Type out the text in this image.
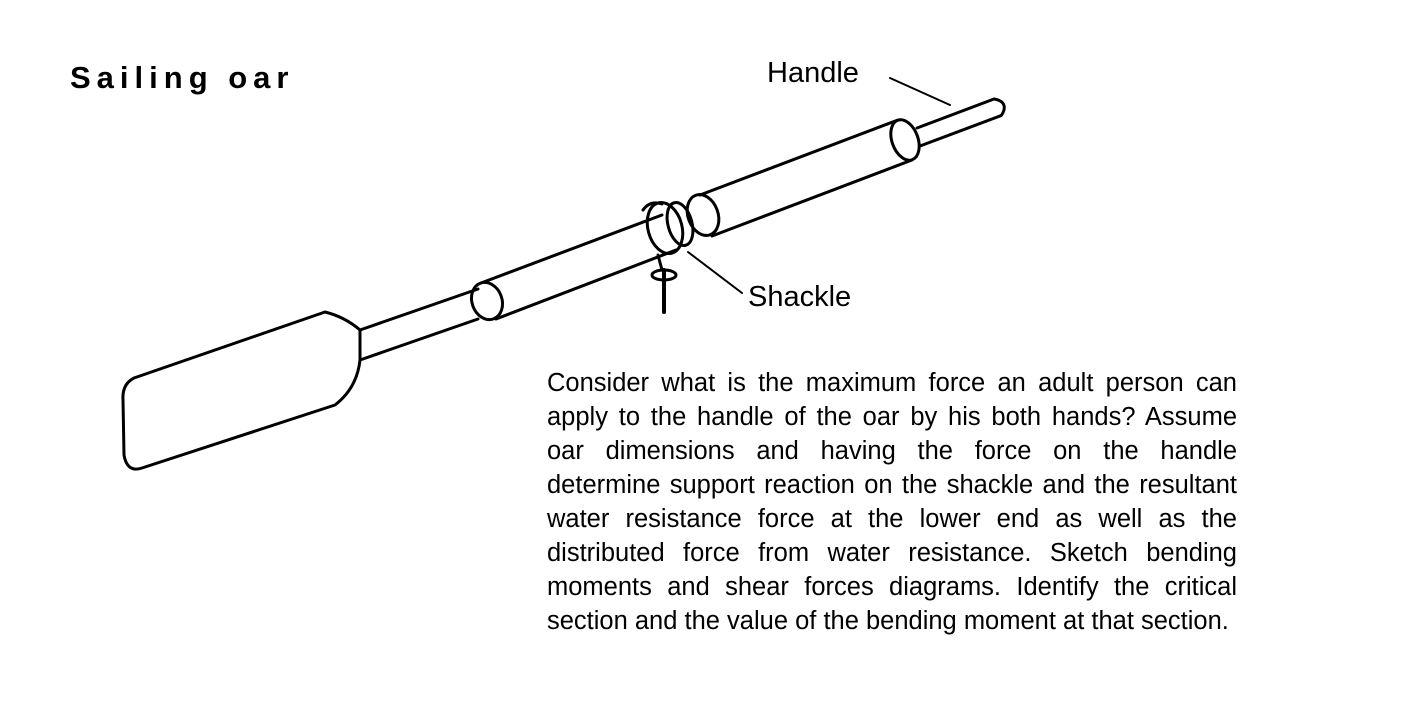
Sailing oar	Handle
Shackle

Consider what is the maximum force an adult person can apply to the handle of the oar by his both hands? Assume oar dimensions and having the force on the handle determine support reaction on the shackle and the resultant water resistance force at the lower end as well as the distributed force from water resistance. Sketch bending moments and shear forces diagrams. Identify the critical section and the value of the bending moment at that section.
